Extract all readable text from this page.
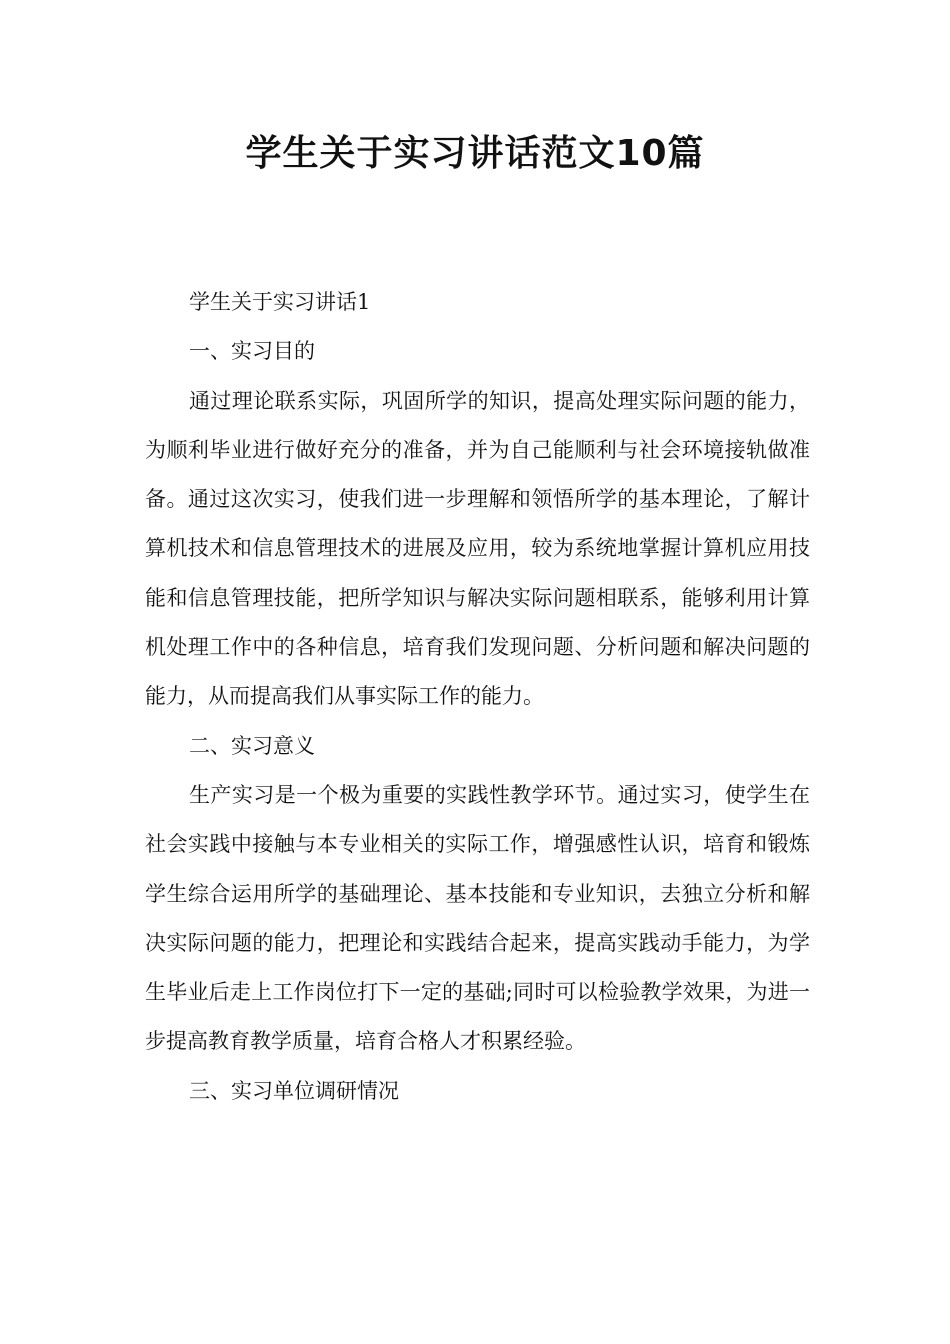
学生关于实习讲话范文10篇

学生关于实习讲话1

一、实习目的

通过理论联系实际，巩固所学的知识，提高处理实际问题的能力，为顺利毕业进行做好充分的准备，并为自己能顺利与社会环境接轨做准备。通过这次实习，使我们进一步理解和领悟所学的基本理论，了解计算机技术和信息管理技术的进展及应用，较为系统地掌握计算机应用技能和信息管理技能，把所学知识与解决实际问题相联系，能够利用计算机处理工作中的各种信息，培育我们发现问题、分析问题和解决问题的能力，从而提高我们从事实际工作的能力。

二、实习意义

生产实习是一个极为重要的实践性教学环节。通过实习，使学生在社会实践中接触与本专业相关的实际工作，增强感性认识，培育和锻炼学生综合运用所学的基础理论、基本技能和专业知识，去独立分析和解决实际问题的能力，把理论和实践结合起来，提高实践动手能力，为学生毕业后走上工作岗位打下一定的基础;同时可以检验教学效果，为进一步提高教育教学质量，培育合格人才积累经验。

三、实习单位调研情况
